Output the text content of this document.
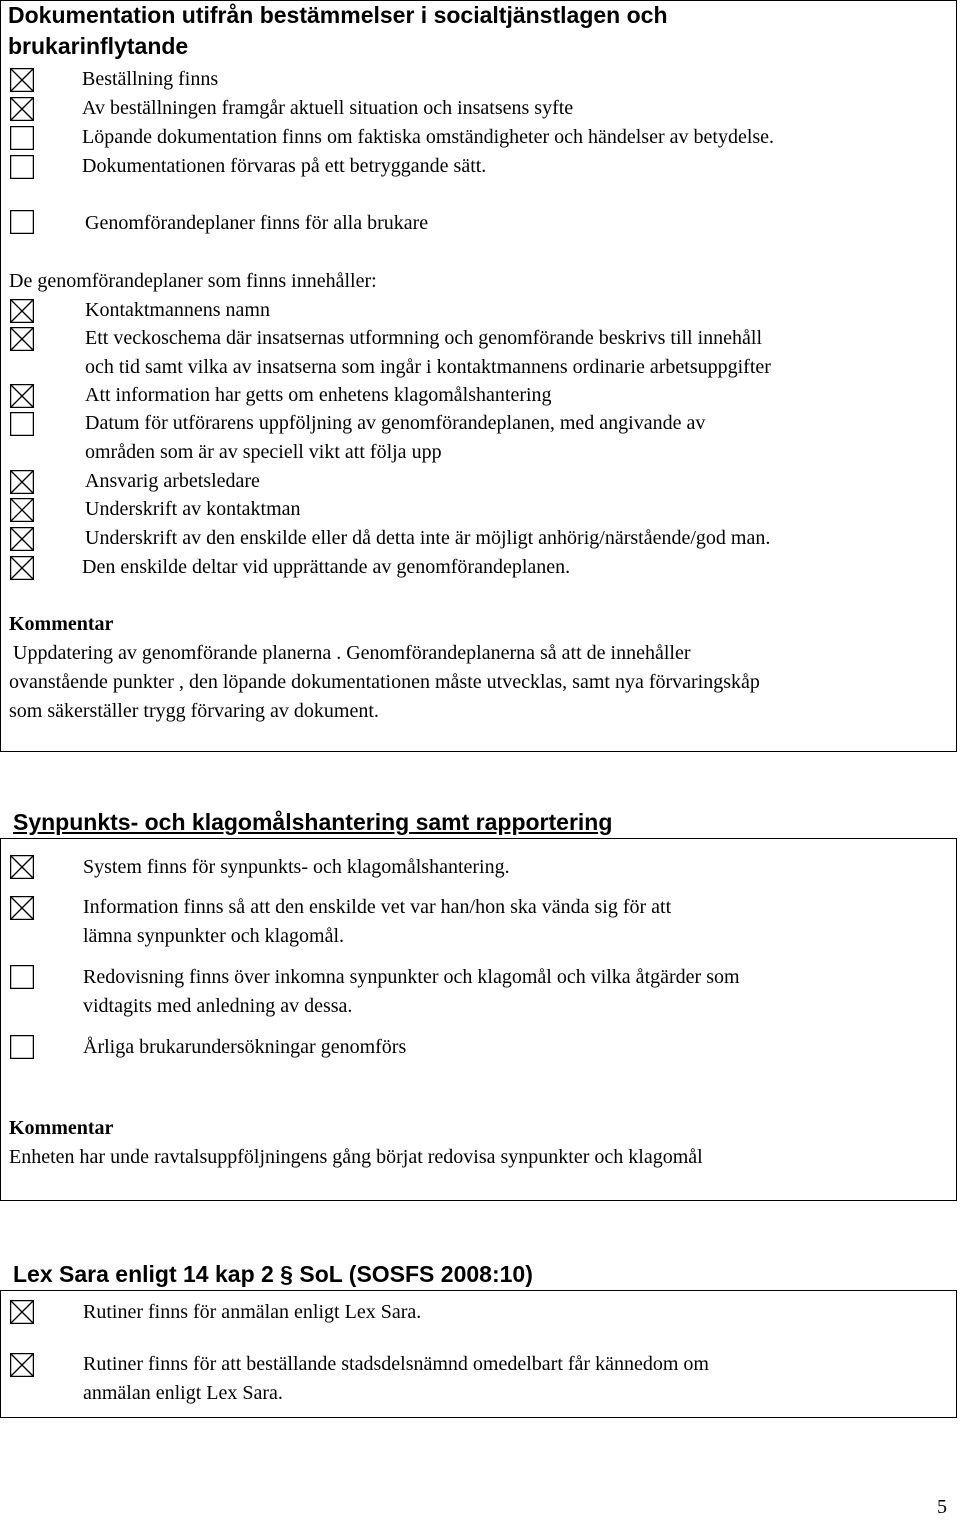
Dokumentation utifrån bestämmelser i socialtjänstlagen och
brukarinflytande
Beställning finns
Av beställningen framgår aktuell situation och insatsens syfte
Löpande dokumentation finns om faktiska omständigheter och händelser av betydelse.
Dokumentationen förvaras på ett betryggande sätt.
Genomförandeplaner finns för alla brukare
De genomförandeplaner som finns innehåller:
Kontaktmannens namn
Ett veckoschema där insatsernas utformning och genomförande beskrivs till innehåll
och tid samt vilka av insatserna som ingår i kontaktmannens ordinarie arbetsuppgifter
Att information har getts om enhetens klagomålshantering
Datum för utförarens uppföljning av genomförandeplanen, med angivande av
områden som är av speciell vikt att följa upp
Ansvarig arbetsledare
Underskrift av kontaktman
Underskrift av den enskilde eller då detta inte är möjligt anhörig/närstående/god man.
Den enskilde deltar vid upprättande av genomförandeplanen.
Kommentar
Uppdatering av genomförande planerna . Genomförandeplanerna så att de innehåller
ovanstående punkter , den löpande dokumentationen måste utvecklas, samt nya förvaringskåp
som säkerställer trygg förvaring av dokument.
Synpunkts- och klagomålshantering samt rapportering
System finns för synpunkts- och klagomålshantering.
Information finns så att den enskilde vet var han/hon ska vända sig för att
lämna synpunkter och klagomål.
Redovisning finns över inkomna synpunkter och klagomål och vilka åtgärder som
vidtagits med anledning av dessa.
Årliga brukarundersökningar genomförs
Kommentar
Enheten har unde ravtalsuppföljningens gång börjat redovisa synpunkter och klagomål
Lex Sara enligt 14 kap 2 § SoL (SOSFS 2008:10)
Rutiner finns för anmälan enligt Lex Sara.
Rutiner finns för att beställande stadsdelsnämnd omedelbart får kännedom om
anmälan enligt Lex Sara.
5
